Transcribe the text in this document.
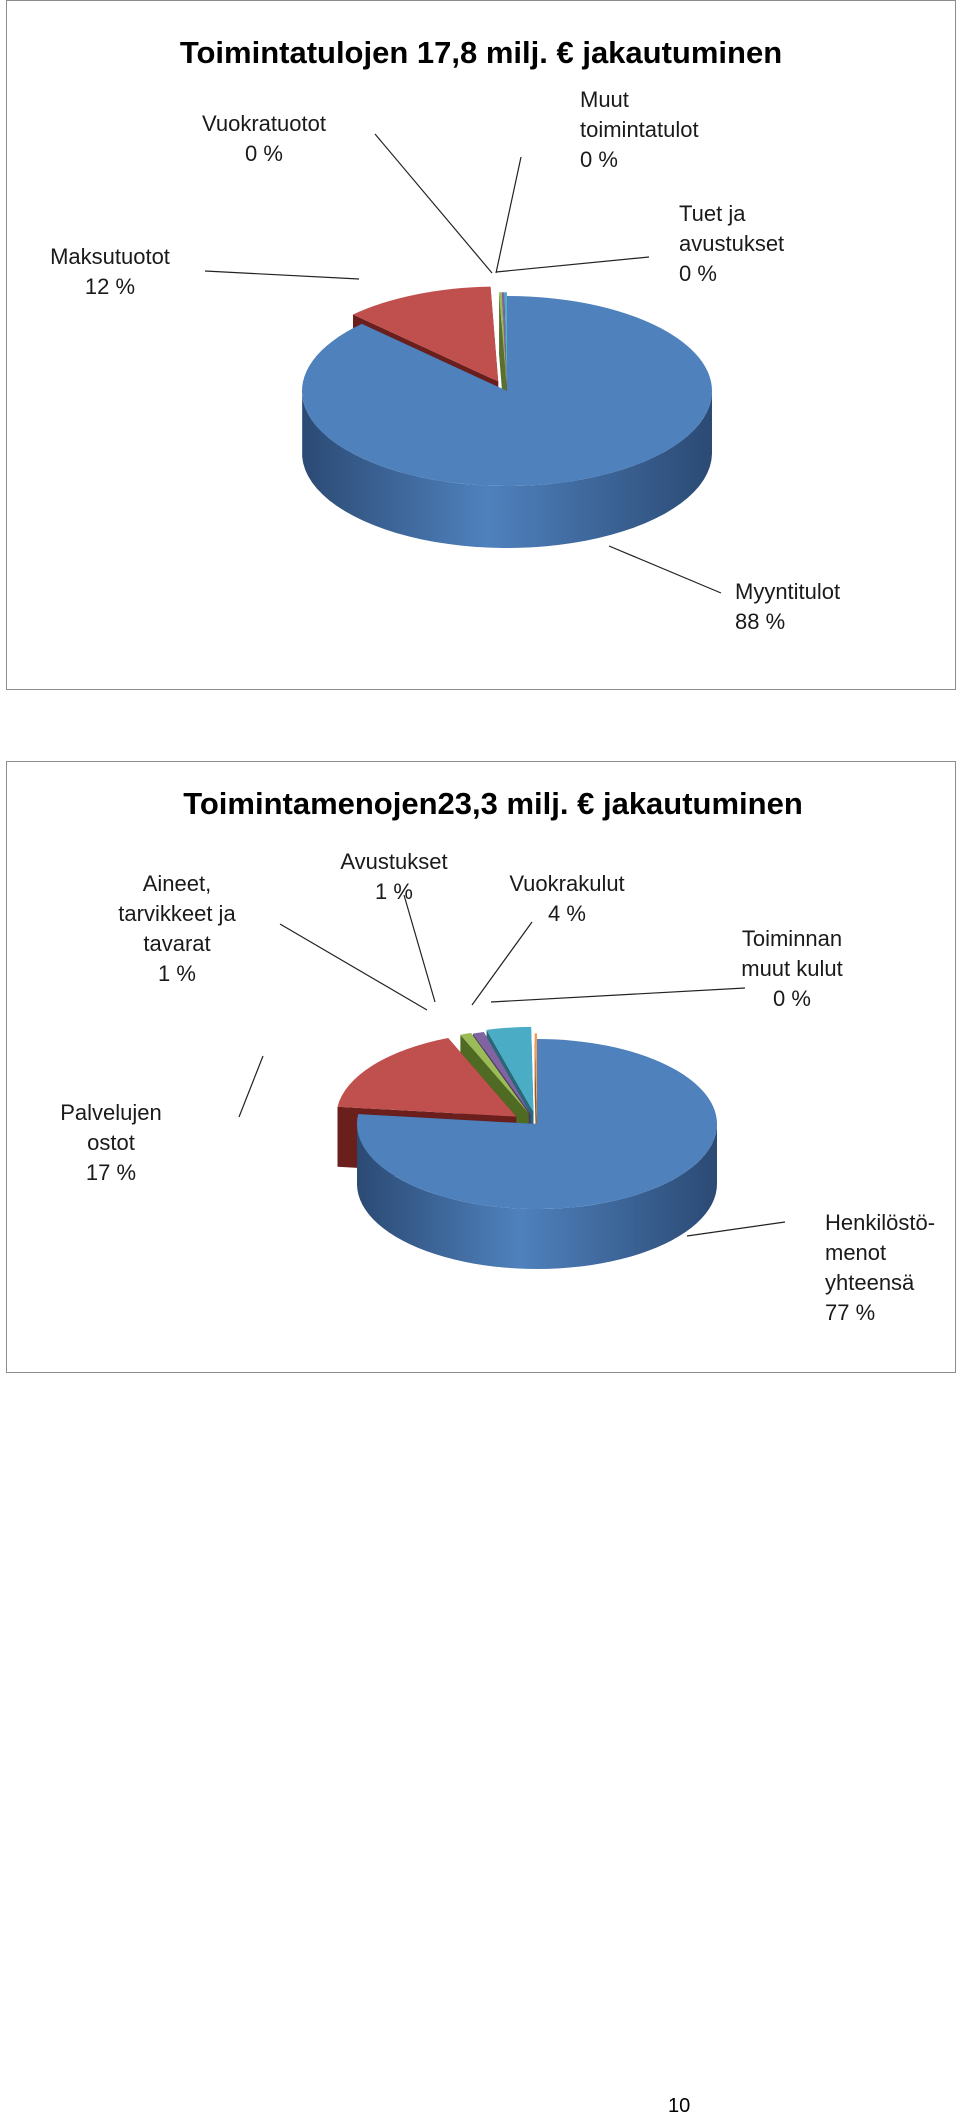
Toimintatulojen 17,8 milj. € jakautuminen
Myyntitulot 88 %
Maksutuotot 12 %
Vuokratuotot 0 %
Muut toimintatulot 0 %
Tuet ja avustukset 0 %
Toimintamenojen23,3 milj. € jakautuminen
Henkilöstö-menot yhteensä 77 %
Palvelujen ostot 17 %
Aineet, tarvikkeet ja tavarat 1 %
Avustukset 1 %	Vuokrakulut 4 %
Toiminnan muut kulut 0 %
10
